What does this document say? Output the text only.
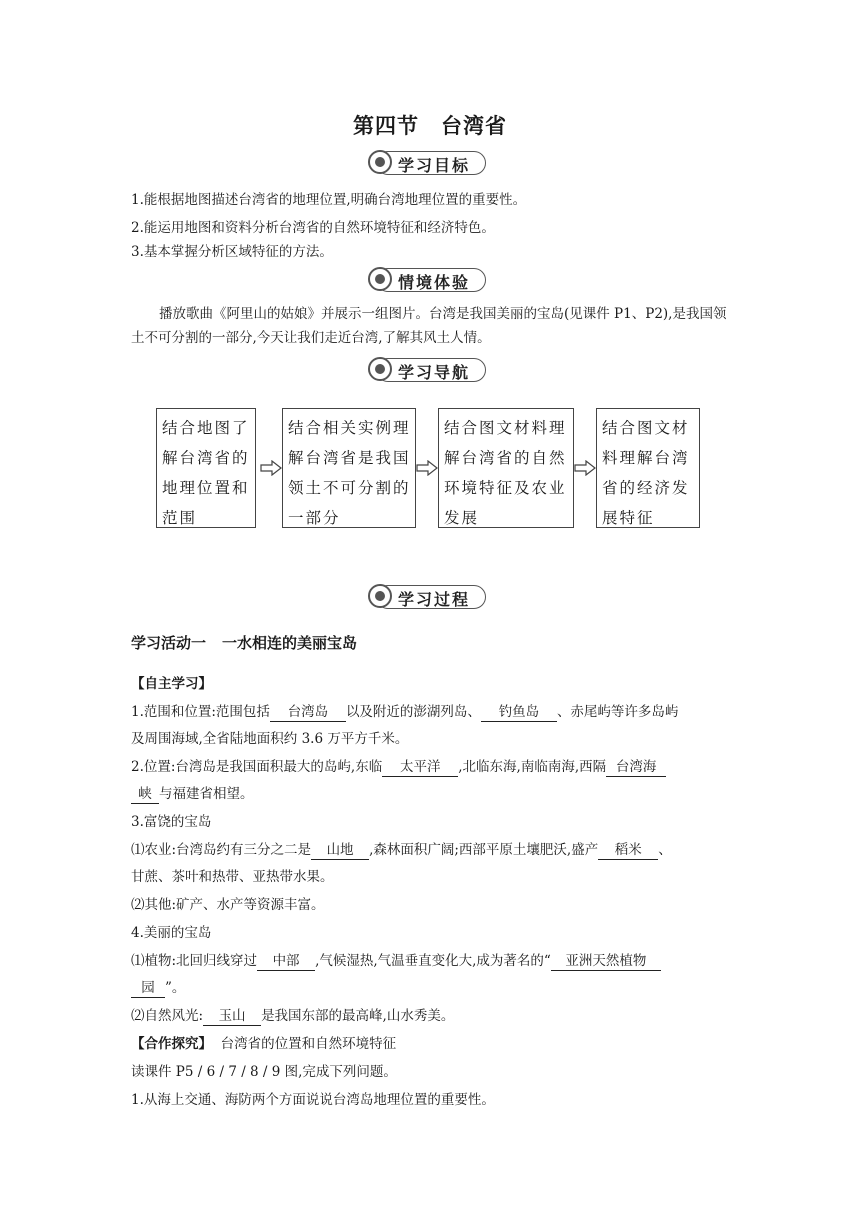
第四节 台湾省
学习目标
1.能根据地图描述台湾省的地理位置,明确台湾地理位置的重要性。
2.能运用地图和资料分析台湾省的自然环境特征和经济特色。
3.基本掌握分析区域特征的方法。
情境体验
播放歌曲《阿里山的姑娘》并展示一组图片。台湾是我国美丽的宝岛(见课件 P1、P2),是我国领土不可分割的一部分,今天让我们走近台湾,了解其风土人情。
学习导航
结合地图了解台湾省的地理位置和范围
结合相关实例理解台湾省是我国领土不可分割的一部分
结合图文材料理解台湾省的自然环境特征及农业发展
结合图文材料理解台湾省的经济发展特征
学习过程
学习活动一 一水相连的美丽宝岛
【自主学习】
1.范围和位置:范围包括 台湾岛 以及附近的澎湖列岛、 钓鱼岛 、赤尾屿等许多岛屿
及周围海域,全省陆地面积约 3.6 万平方千米。
2.位置:台湾岛是我国面积最大的岛屿,东临 太平洋 ,北临东海,南临南海,西隔 台湾海
峡 与福建省相望。
3.富饶的宝岛
⑴农业:台湾岛约有三分之二是 山地 ,森林面积广阔;西部平原土壤肥沃,盛产 稻米 、
甘蔗、茶叶和热带、亚热带水果。
⑵其他:矿产、水产等资源丰富。
4.美丽的宝岛
⑴植物:北回归线穿过 中部 ,气候湿热,气温垂直变化大,成为著名的“ 亚洲天然植物
园 ”。
⑵自然风光: 玉山 是我国东部的最高峰,山水秀美。
【合作探究】 台湾省的位置和自然环境特征
读课件 P5 / 6 / 7 / 8 / 9 图,完成下列问题。
1.从海上交通、海防两个方面说说台湾岛地理位置的重要性。
